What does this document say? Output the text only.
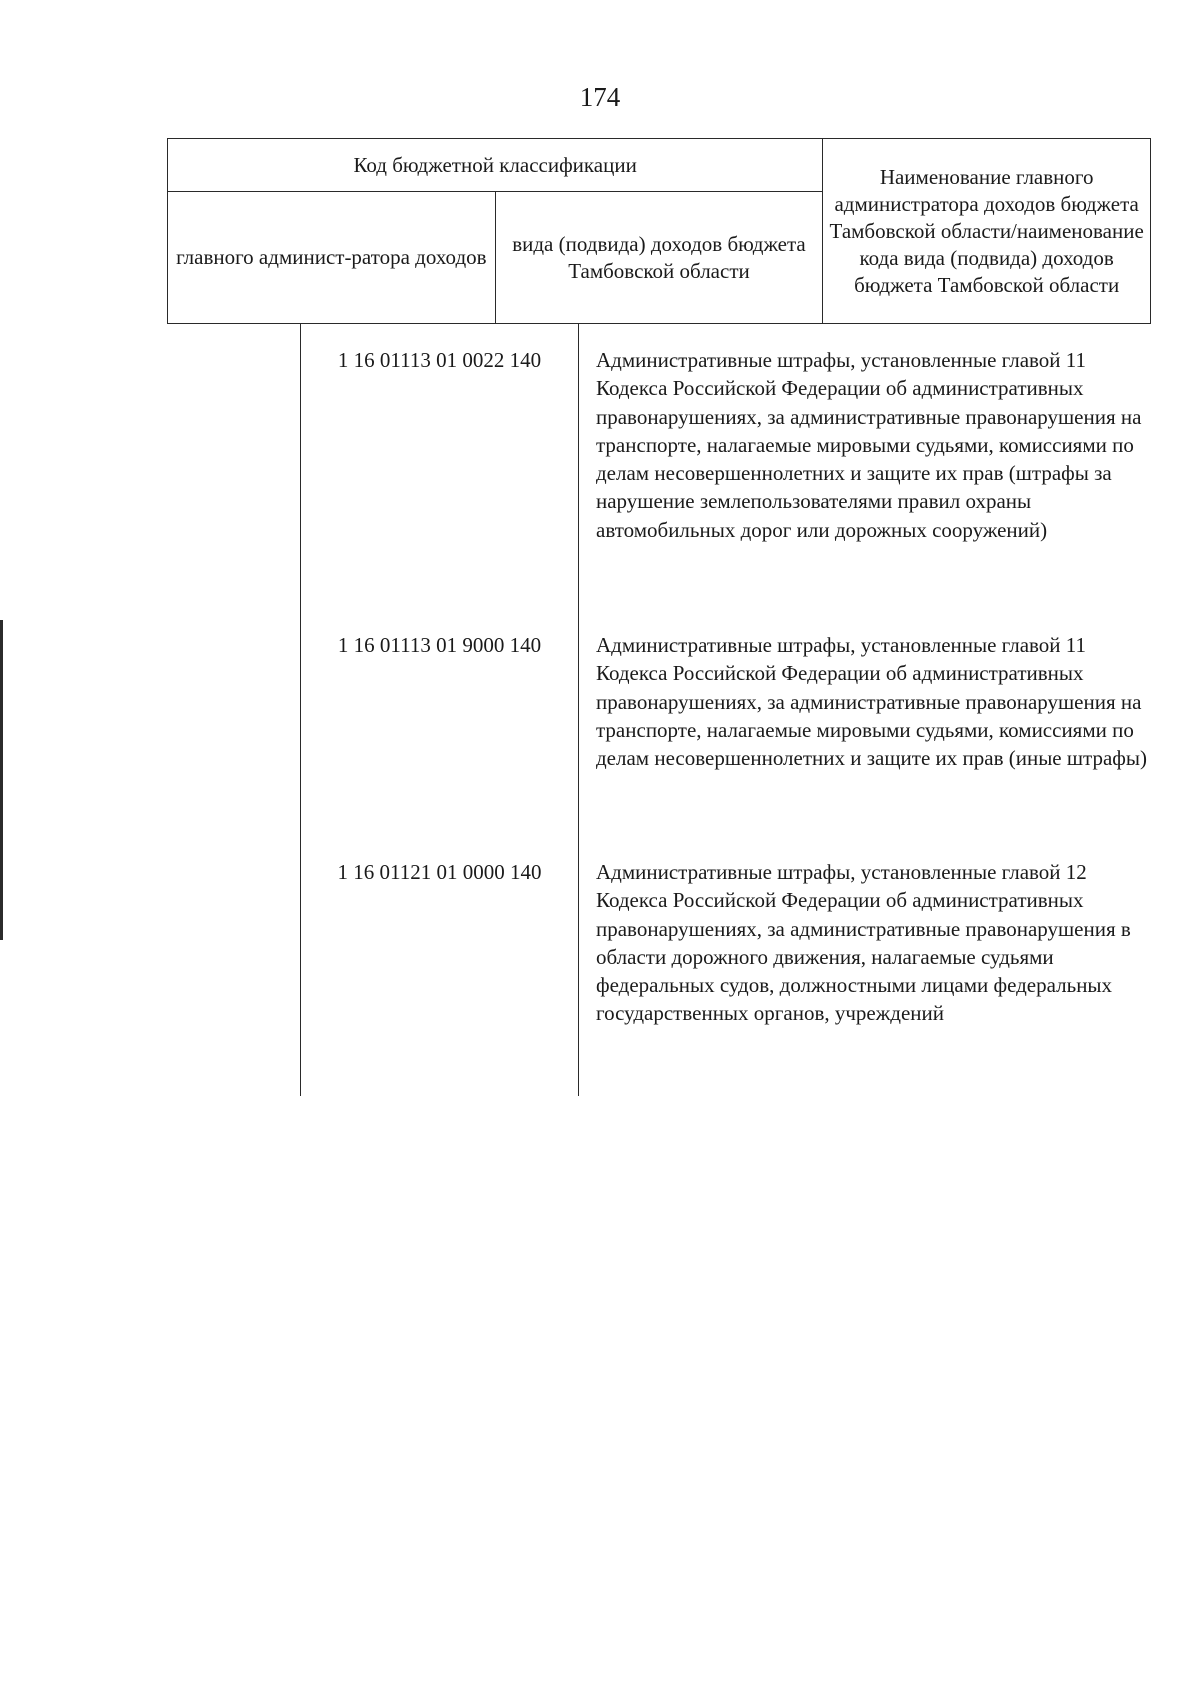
174
Код бюджетной классификации		Наименование главного администратора доходов бюджета Тамбовской области/наименование кода вида (подвида) доходов бюджета Тамбовской области
главного админист-ратора доходов	вида (подвида) доходов бюджета Тамбовской области	
1 16 01113 01 0022 140	Административные штрафы, установленные главой 11 Кодекса Российской Федерации об административных правонарушениях, за административные правонарушения на транспорте, налагаемые мировыми судьями, комиссиями по делам несовершеннолетних и защите их прав (штрафы за нарушение землепользователями правил охраны автомобильных дорог или дорожных сооружений)
1 16 01113 01 9000 140	Административные штрафы, установленные главой 11 Кодекса Российской Федерации об административных правонарушениях, за административные правонарушения на транспорте, налагаемые мировыми судьями, комиссиями по делам несовершеннолетних и защите их прав (иные штрафы)
1 16 01121 01 0000 140	Административные штрафы, установленные главой 12 Кодекса Российской Федерации об административных правонарушениях, за административные правонарушения в области дорожного движения, налагаемые судьями федеральных судов, должностными лицами федеральных государственных органов, учреждений
